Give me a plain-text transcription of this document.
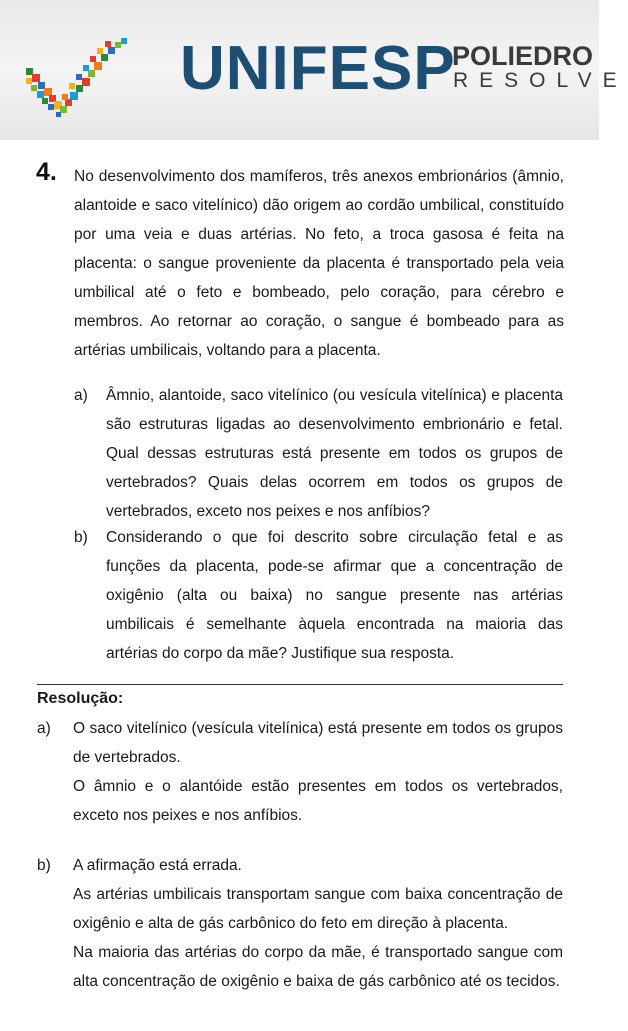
UNIFESP
POLIEDRO
RESOLVE
4. No desenvolvimento dos mamíferos, três anexos embrionários (âmnio, alantoide e saco vitelínico) dão origem ao cordão umbilical, constituído por uma veia e duas artérias. No feto, a troca gasosa é feita na placenta: o sangue proveniente da placenta é transportado pela veia umbilical até o feto e bombeado, pelo coração, para cérebro e membros. Ao retornar ao coração, o sangue é bombeado para as artérias umbilicais, voltando para a placenta.

a) Âmnio, alantoide, saco vitelínico (ou vesícula vitelínica) e placenta são estruturas ligadas ao desenvolvimento embrionário e fetal. Qual dessas estruturas está presente em todos os grupos de vertebrados? Quais delas ocorrem em todos os grupos de vertebrados, exceto nos peixes e nos anfíbios?
b) Considerando o que foi descrito sobre circulação fetal e as funções da placenta, pode-se afirmar que a concentração de oxigênio (alta ou baixa) no sangue presente nas artérias umbilicais é semelhante àquela encontrada na maioria das artérias do corpo da mãe? Justifique sua resposta.
Resolução:
a) O saco vitelínico (vesícula vitelínica) está presente em todos os grupos de vertebrados.

O âmnio e o alantóide estão presentes em todos os vertebrados, exceto nos peixes e nos anfíbios.

b) A afirmação está errada.

As artérias umbilicais transportam sangue com baixa concentração de oxigênio e alta de gás carbônico do feto em direção à placenta.

Na maioria das artérias do corpo da mãe, é transportado sangue com alta concentração de oxigênio e baixa de gás carbônico até os tecidos.
